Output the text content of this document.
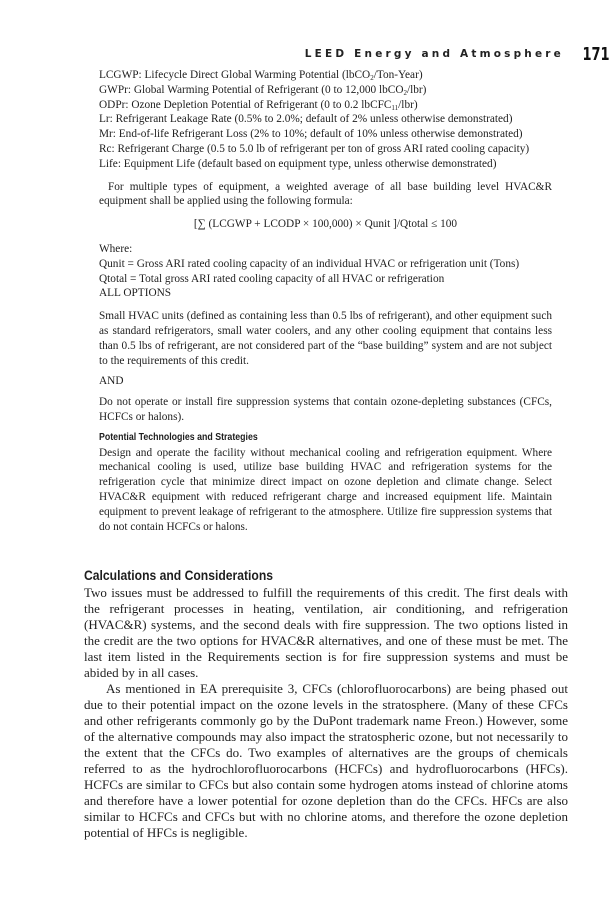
LEED Energy and Atmosphere 171
LCGWP: Lifecycle Direct Global Warming Potential (lbCO$_2$/Ton-Year)
GWPr: Global Warming Potential of Refrigerant (0 to 12,000 lbCO$_2$/lbr)
ODPr: Ozone Depletion Potential of Refrigerant (0 to 0.2 lbCFC$_{11}$/lbr)
Lr: Refrigerant Leakage Rate (0.5% to 2.0%; default of 2% unless otherwise demonstrated)
Mr: End-of-life Refrigerant Loss (2% to 10%; default of 10% unless otherwise demonstrated)
Rc: Refrigerant Charge (0.5 to 5.0 lb of refrigerant per ton of gross ARI rated cooling capacity)
Life: Equipment Life (default based on equipment type, unless otherwise demonstrated)

For multiple types of equipment, a weighted average of all base building level HVAC&R equipment shall be applied using the following formula:

[∑ (LCGWP + LCODP × 100,000) × Qunit ]/Qtotal ≤ 100
Where:
Qunit = Gross ARI rated cooling capacity of an individual HVAC or refrigeration unit (Tons)
Qtotal = Total gross ARI rated cooling capacity of all HVAC or refrigeration
ALL OPTIONS

Small HVAC units (defined as containing less than 0.5 lbs of refrigerant), and other equipment such as standard refrigerators, small water coolers, and any other cooling equipment that contains less than 0.5 lbs of refrigerant, are not considered part of the “base building” system and are not subject to the requirements of this credit.

AND

Do not operate or install fire suppression systems that contain ozone-depleting substances (CFCs, HCFCs or halons).

Potential Technologies and Strategies

Design and operate the facility without mechanical cooling and refrigeration equipment. Where mechanical cooling is used, utilize base building HVAC and refrigeration systems for the refrigeration cycle that minimize direct impact on ozone depletion and climate change. Select HVAC&R equipment with reduced refrigerant charge and increased equipment life. Maintain equipment to prevent leakage of refrigerant to the atmosphere. Utilize fire suppression systems that do not contain HCFCs or halons.

Calculations and Considerations

Two issues must be addressed to fulfill the requirements of this credit. The first deals with the refrigerant processes in heating, ventilation, air conditioning, and refrigeration (HVAC&R) systems, and the second deals with fire suppression. The two options listed in the credit are the two options for HVAC&R alternatives, and one of these must be met. The last item listed in the Requirements section is for fire suppression systems and must be abided by in all cases.

As mentioned in EA prerequisite 3, CFCs (chlorofluorocarbons) are being phased out due to their potential impact on the ozone levels in the stratosphere. (Many of these CFCs and other refrigerants commonly go by the DuPont trademark name Freon.) However, some of the alternative compounds may also impact the stratospheric ozone, but not necessarily to the extent that the CFCs do. Two examples of alternatives are the groups of chemicals referred to as the hydrochlorofluorocarbons (HCFCs) and hydrofluorocarbons (HFCs). HCFCs are similar to CFCs but also contain some hydrogen atoms instead of chlorine atoms and therefore have a lower potential for ozone depletion than do the CFCs. HFCs are also similar to HCFCs and CFCs but with no chlorine atoms, and therefore the ozone depletion potential of HFCs is negligible.
